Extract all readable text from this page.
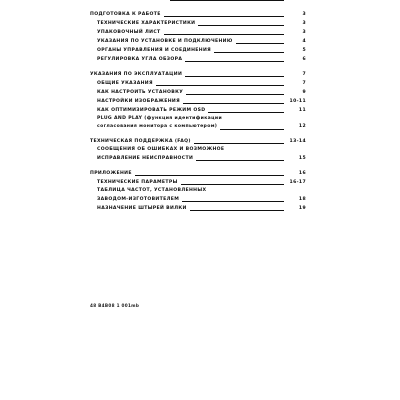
ПОДГОТОВКА К РАБОТЕ	3
ТЕХНИЧЕСКИЕ ХАРАКТЕРИСТИКИ	3
УПАКОВОЧНЫЙ ЛИСТ	3
УКАЗАНИЯ ПО УСТАНОВКЕ И ПОДКЛЮЧЕНИЮ	4
ОРГАНЫ УПРАВЛЕНИЯ И СОЕДИНЕНИЯ	5
РЕГУЛИРОВКА УГЛА ОБЗОРА	6
УКАЗАНИЯ ПО ЭКСПЛУАТАЦИИ	7
ОБЩИЕ УКАЗАНИЯ	7
КАК НАСТРОИТЬ УСТАНОВКУ	9
НАСТРОЙКИ ИЗОБРАЖЕНИЯ	10-11
КАК ОПТИМИЗИРОВАТЬ РЕЖИМ OSD	11
PLUG AND PLAY (функция идентификации
согласования монитора с компьютером)	12
ТЕХНИЧЕСКАЯ ПОДДЕРЖКА (FAQ)	13-14
СООБЩЕНИЯ ОБ ОШИБКАХ И ВОЗМОЖНОЕ
ИСПРАВЛЕНИЕ НЕИСПРАВНОСТИ	15
ПРИЛОЖЕНИЕ	16
ТЕХНИЧЕСКИЕ ПАРАМЕТРЫ	16-17
ТАБЛИЦА ЧАСТОТ, УСТАНОВЛЕННЫХ
ЗАВОДОМ-ИЗГОТОВИТЕЛЕМ	18
НАЗНАЧЕНИЕ ШТЫРЕЙ ВИЛКИ	19
48 B4B08 1 001mb
